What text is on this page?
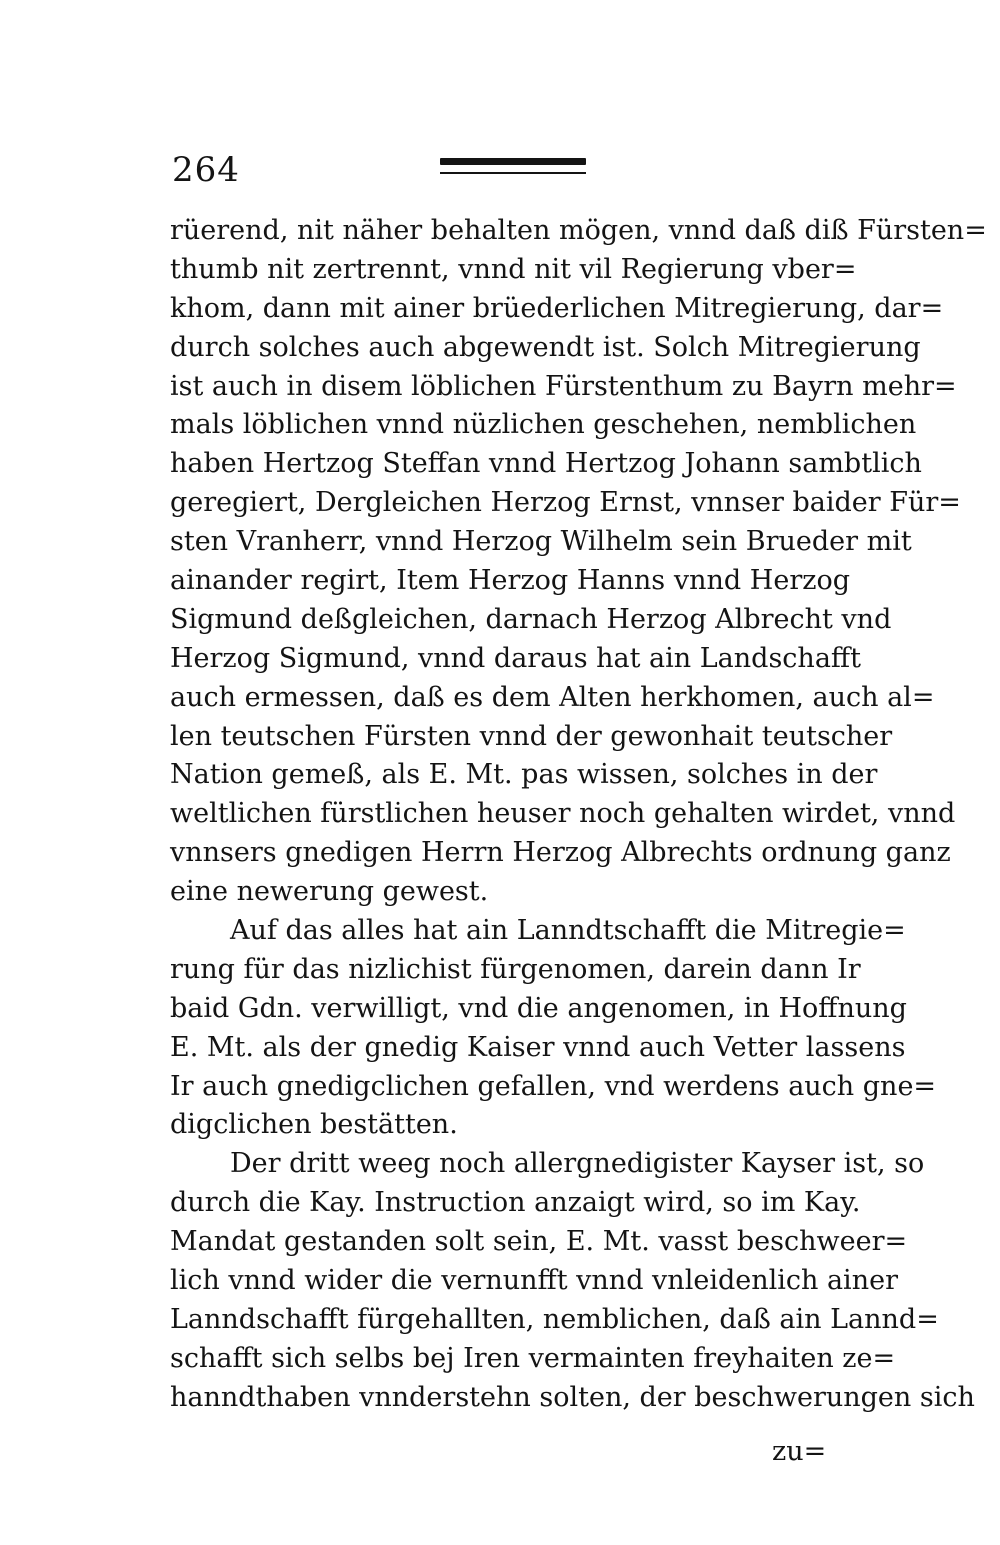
264
rüerend, nit näher behalten mögen, vnnd daß diß Fürsten=
thumb nit zertrennt, vnnd nit vil Regierung vber=
khom, dann mit ainer brüederlichen Mitregierung, dar=
durch solches auch abgewendt ist. Solch Mitregierung
ist auch in disem löblichen Fürstenthum zu Bayrn mehr=
mals löblichen vnnd nüzlichen geschehen, nemblichen
haben Hertzog Steffan vnnd Hertzog Johann sambtlich
geregiert, Dergleichen Herzog Ernst, vnnser baider Für=
sten Vranherr, vnnd Herzog Wilhelm sein Brueder mit
ainander regirt, Item Herzog Hanns vnnd Herzog
Sigmund deßgleichen, darnach Herzog Albrecht vnd
Herzog Sigmund, vnnd daraus hat ain Landschafft
auch ermessen, daß es dem Alten herkhomen, auch al=
len teutschen Fürsten vnnd der gewonhait teutscher
Nation gemeß, als E. Mt. pas wissen, solches in der
weltlichen fürstlichen heuser noch gehalten wirdet, vnnd
vnnsers gnedigen Herrn Herzog Albrechts ordnung ganz
eine newerung gewest.
Auf das alles hat ain Lanndtschafft die Mitregie=
rung für das nizlichist fürgenomen, darein dann Ir
baid Gdn. verwilligt, vnd die angenomen, in Hoffnung
E. Mt. als der gnedig Kaiser vnnd auch Vetter lassens
Ir auch gnedigclichen gefallen, vnd werdens auch gne=
digclichen bestätten.
Der dritt weeg noch allergnedigister Kayser ist, so
durch die Kay. Instruction anzaigt wird, so im Kay.
Mandat gestanden solt sein, E. Mt. vasst beschweer=
lich vnnd wider die vernunfft vnnd vnleidenlich ainer
Lanndschafft fürgehallten, nemblichen, daß ain Lannd=
schafft sich selbs bej Iren vermainten freyhaiten ze=
hanndthaben vnnderstehn solten, der beschwerungen sich
zu=
